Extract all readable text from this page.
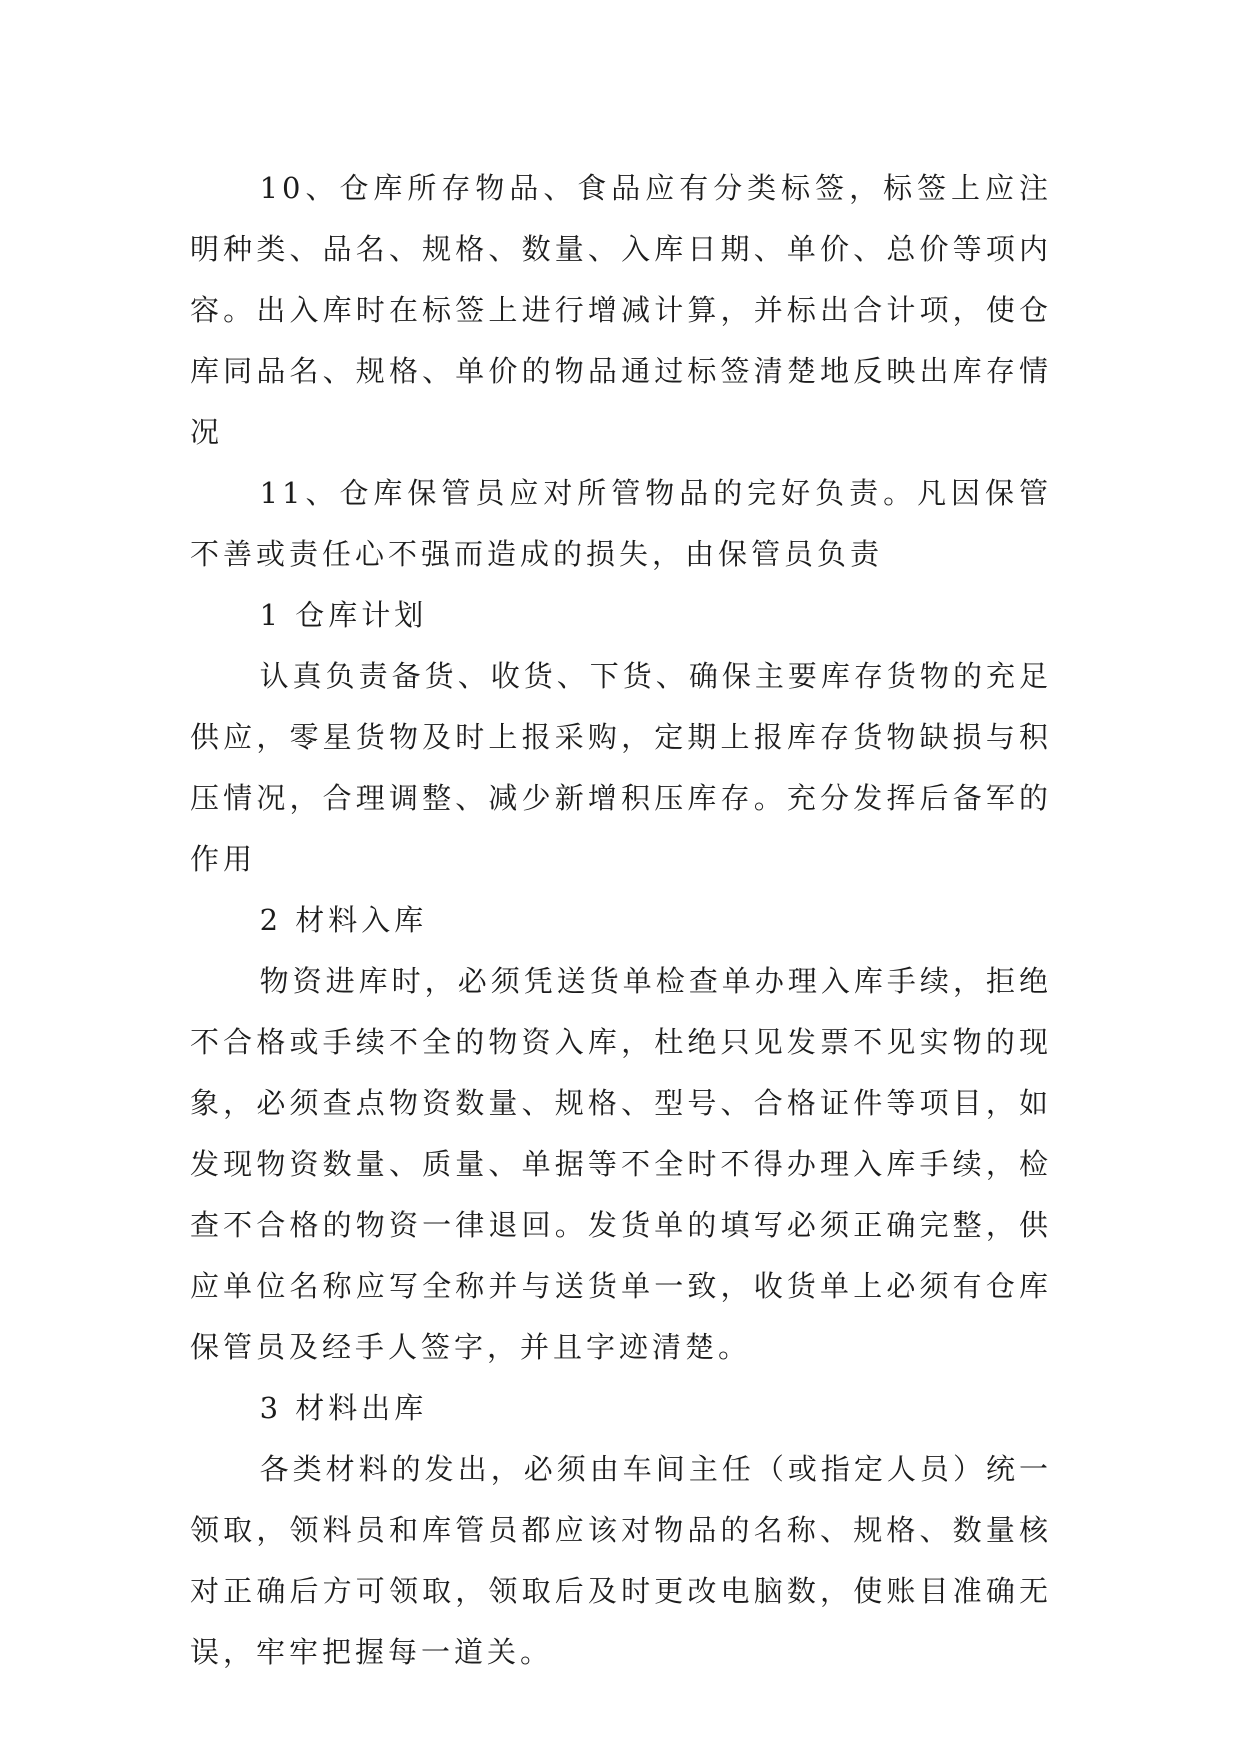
10、仓库所存物品、食品应有分类标签，标签上应注明种类、品名、规格、数量、入库日期、单价、总价等项内容。出入库时在标签上进行增减计算，并标出合计项，使仓库同品名、规格、单价的物品通过标签清楚地反映出库存情况

11、仓库保管员应对所管物品的完好负责。凡因保管不善或责任心不强而造成的损失，由保管员负责

1 仓库计划

认真负责备货、收货、下货、确保主要库存货物的充足供应，零星货物及时上报采购，定期上报库存货物缺损与积压情况，合理调整、减少新增积压库存。充分发挥后备军的作用

2 材料入库

物资进库时，必须凭送货单检查单办理入库手续，拒绝不合格或手续不全的物资入库，杜绝只见发票不见实物的现象，必须查点物资数量、规格、型号、合格证件等项目，如发现物资数量、质量、单据等不全时不得办理入库手续，检查不合格的物资一律退回。发货单的填写必须正确完整，供应单位名称应写全称并与送货单一致，收货单上必须有仓库保管员及经手人签字，并且字迹清楚。

3 材料出库

各类材料的发出，必须由车间主任（或指定人员）统一领取，领料员和库管员都应该对物品的名称、规格、数量核对正确后方可领取，领取后及时更改电脑数，使账目准确无误，牢牢把握每一道关。
